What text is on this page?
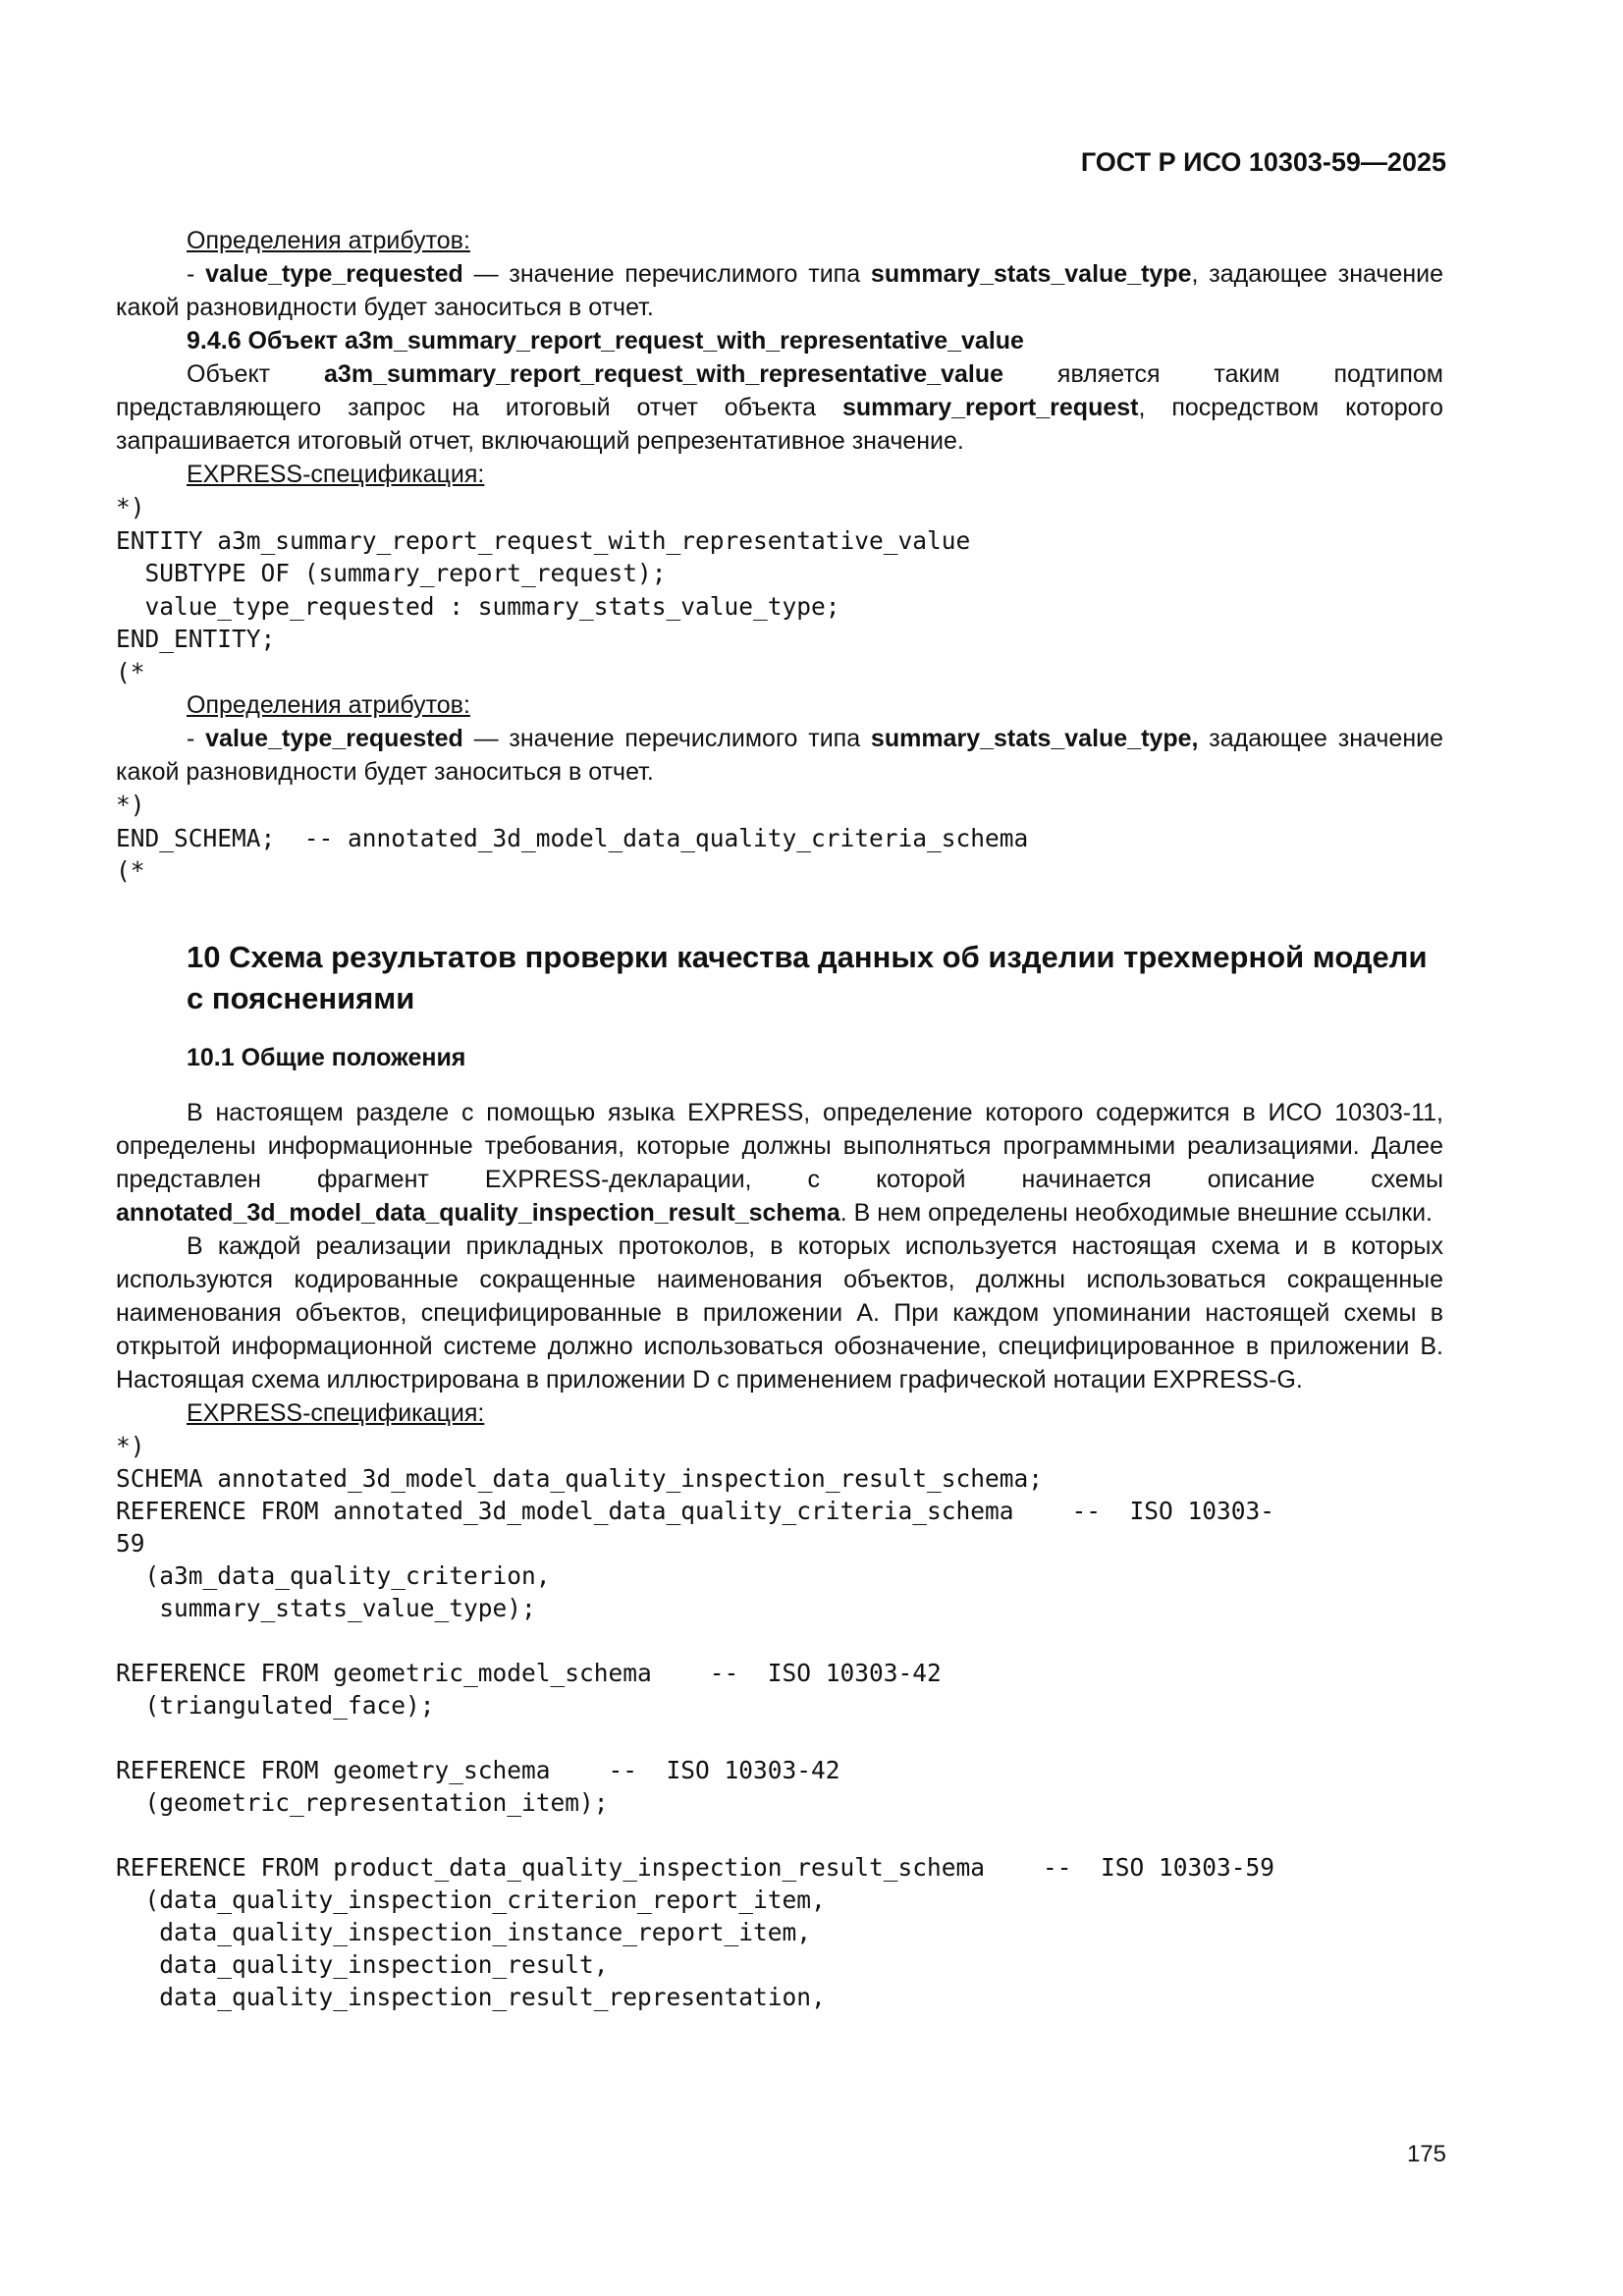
ГОСТ Р ИСО 10303-59—2025

Определения атрибутов:

- value_type_requested — значение перечислимого типа summary_stats_value_type, задающее значение какой разновидности будет заноситься в отчет.

9.4.6 Объект a3m_summary_report_request_with_representative_value

Объект a3m_summary_report_request_with_representative_value является таким подтипом представляющего запрос на итоговый отчет объекта summary_report_request, посредством которого запрашивается итоговый отчет, включающий репрезентативное значение.

EXPRESS-спецификация:

*)
ENTITY a3m_summary_report_request_with_representative_value
SUBTYPE OF (summary_report_request);
value_type_requested : summary_stats_value_type;
END_ENTITY;
(*

Определения атрибутов:

- value_type_requested — значение перечислимого типа summary_stats_value_type, задающее значение какой разновидности будет заноситься в отчет.

*)
END_SCHEMA;  -- annotated_3d_model_data_quality_criteria_schema
(*
10 Схема результатов проверки качества данных об изделии трехмерной модели с пояснениями
10.1 Общие положения

В настоящем разделе с помощью языка EXPRESS, определение которого содержится в ИСО 10303-11, определены информационные требования, которые должны выполняться программными реализациями. Далее представлен фрагмент EXPRESS-декларации, с которой начинается описание схемы annotated_3d_model_data_quality_inspection_result_schema. В нем определены необходимые внешние ссылки.

В каждой реализации прикладных протоколов, в которых используется настоящая схема и в которых используются кодированные сокращенные наименования объектов, должны использоваться сокращенные наименования объектов, специфицированные в приложении A. При каждом упоминании настоящей схемы в открытой информационной системе должно использоваться обозначение, специфицированное в приложении B. Настоящая схема иллюстрирована в приложении D с применением графической нотации EXPRESS-G.

EXPRESS-спецификация:

*)
SCHEMA annotated_3d_model_data_quality_inspection_result_schema;
REFERENCE FROM annotated_3d_model_data_quality_criteria_schema    --  ISO 10303-
59
(a3m_data_quality_criterion,
summary_stats_value_type);
REFERENCE FROM geometric_model_schema    --  ISO 10303-42
(triangulated_face);
REFERENCE FROM geometry_schema    --  ISO 10303-42
(geometric_representation_item);
REFERENCE FROM product_data_quality_inspection_result_schema    --  ISO 10303-59
(data_quality_inspection_criterion_report_item,
data_quality_inspection_instance_report_item,
data_quality_inspection_result,
data_quality_inspection_result_representation,
175
